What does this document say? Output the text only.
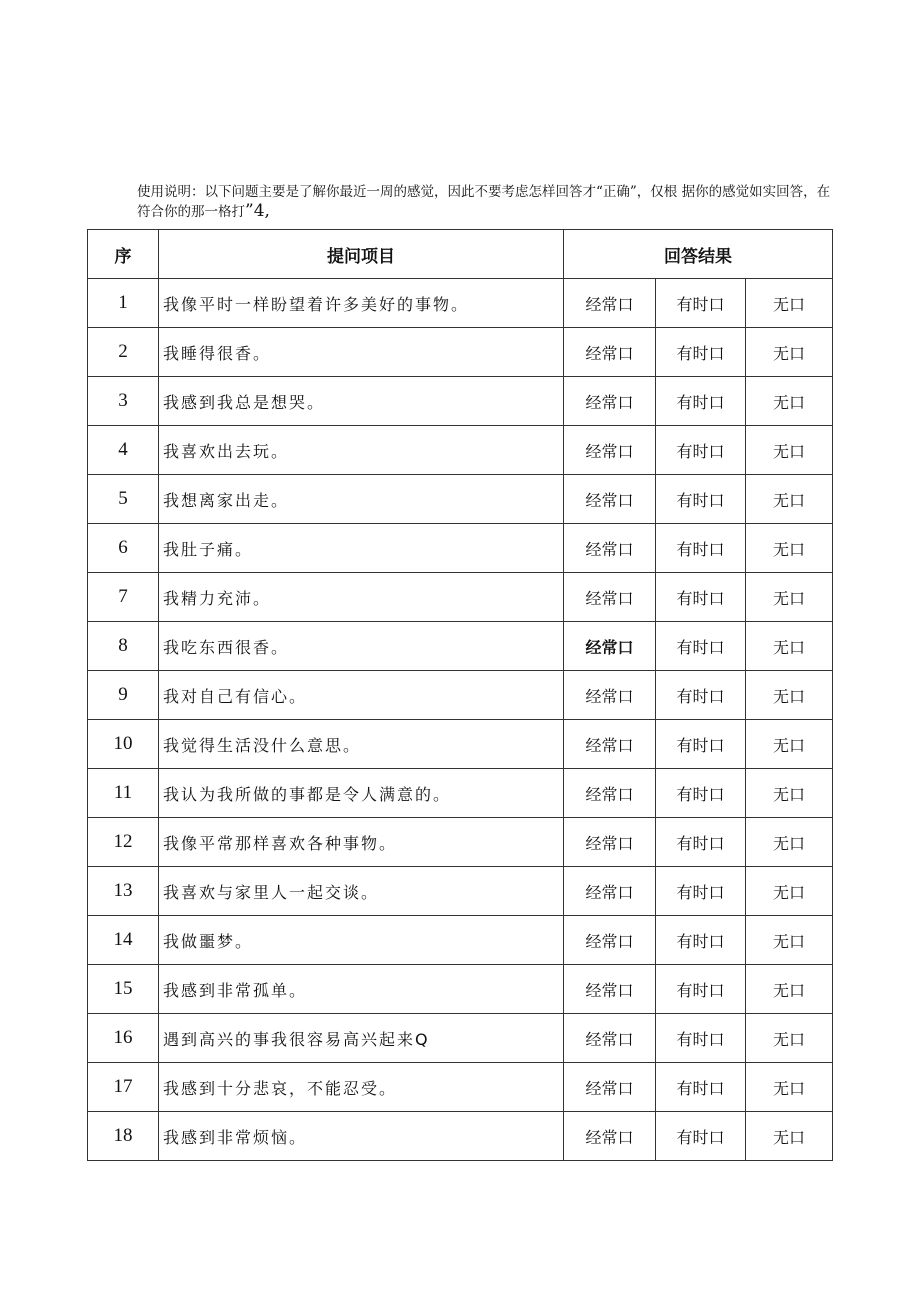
使用说明：以下问题主要是了解你最近一周的感觉，因此不要考虑怎样回答才“正确”，仅根 据你的感觉如实回答，在符合你的那一格打”4,
序	提问项目	回答结果		
1	我像平时一样盼望着许多美好的事物。	经常口	有时口	无口
2	我睡得很香。	经常口	有时口	无口
3	我感到我总是想哭。	经常口	有时口	无口
4	我喜欢出去玩。	经常口	有时口	无口
5	我想离家出走。	经常口	有时口	无口
6	我肚子痛。	经常口	有时口	无口
7	我精力充沛。	经常口	有时口	无口
8	我吃东西很香。	经常口	有时口	无口
9	我对自己有信心。	经常口	有时口	无口
10	我觉得生活没什么意思。	经常口	有时口	无口
11	我认为我所做的事都是令人满意的。	经常口	有时口	无口
12	我像平常那样喜欢各种事物。	经常口	有时口	无口
13	我喜欢与家里人一起交谈。	经常口	有时口	无口
14	我做噩梦。	经常口	有时口	无口
15	我感到非常孤单。	经常口	有时口	无口
16	遇到高兴的事我很容易高兴起来Q	经常口	有时口	无口
17	我感到十分悲哀，不能忍受。	经常口	有时口	无口
18	我感到非常烦恼。	经常口	有时口	无口
